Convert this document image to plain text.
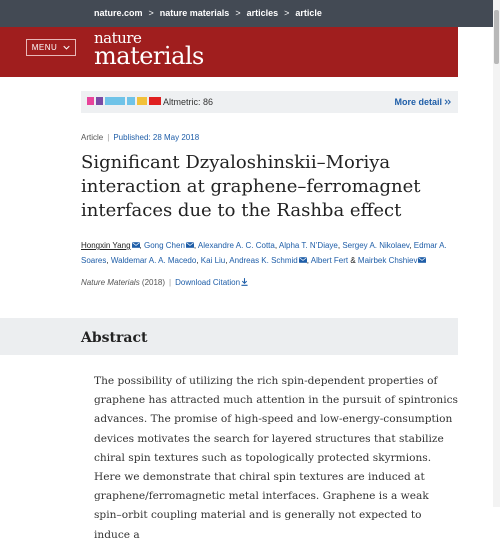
nature.com > nature materials > articles > article
MENU
nature
materials
Altmetric: 86	More detail
Article | Published: 28 May 2018
Significant Dzyaloshinskii–Moriya interaction at graphene–ferromagnet interfaces due to the Rashba effect
Hongxin Yang , Gong Chen , Alexandre A. C. Cotta, Alpha T. N’Diaye, Sergey A. Nikolaev, Edmar A. Soares, Waldemar A. A. Macedo, Kai Liu, Andreas K. Schmid , Albert Fert & Mairbek Chshiev
Nature Materials (2018) | Download Citation
Abstract

The possibility of utilizing the rich spin-dependent properties of graphene has attracted much attention in the pursuit of spintronics advances. The promise of high-speed and low-energy-consumption devices motivates the search for layered structures that stabilize chiral spin textures such as topologically protected skyrmions. Here we demonstrate that chiral spin textures are induced at graphene/ferromagnetic metal interfaces. Graphene is a weak spin–orbit coupling material and is generally not expected to induce a
